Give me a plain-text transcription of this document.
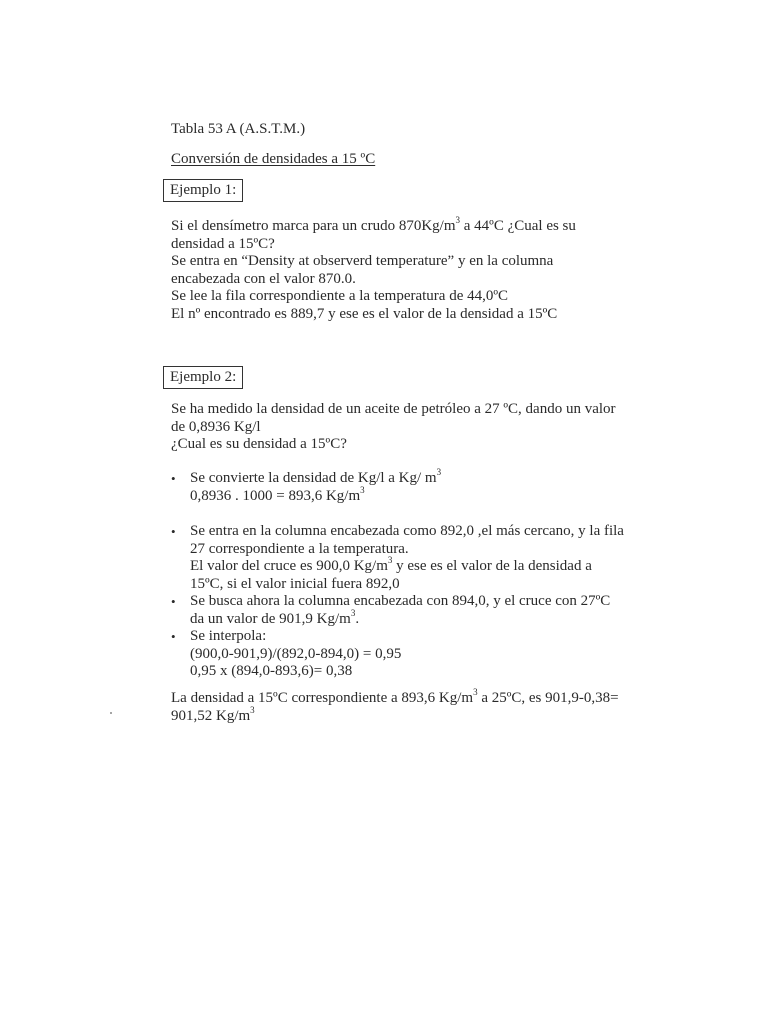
Tabla 53 A (A.S.T.M.)
Conversión de densidades a 15 ºC
Ejemplo 1:
Si el densímetro marca para un crudo $870Kg/m^3$ a 44ºC ¿Cual es su
densidad a 15ºC?
Se entra en “Density at observerd temperature” y en la columna
encabezada con el valor 870.0.
Se lee la fila correspondiente a la temperatura de 44,0ºC
El nº encontrado es 889,7 y ese es el valor de la densidad a 15ºC
Ejemplo 2:
Se ha medido la densidad de un aceite de petróleo a 27 ºC, dando un valor
de 0,8936 Kg/l
¿Cual es su densidad a 15ºC?
• Se convierte la densidad de Kg/l a Kg/ $m^3$
0,8936 . 1000 = 893,6 $Kg/m^3$
• Se entra en la columna encabezada como 892,0 ,el más cercano, y la fila
27 correspondiente a la temperatura.
El valor del cruce es 900,0 $Kg/m^3$ y ese es el valor de la densidad a
15ºC, si el valor inicial fuera 892,0
• Se busca ahora la columna encabezada con 894,0, y el cruce con 27ºC
da un valor de 901,9 $Kg/m^3$.
• Se interpola:
(900,0-901,9)/(892,0-894,0) = 0,95
0,95 x (894,0-893,6)= 0,38
La densidad a 15ºC correspondiente a 893,6 $Kg/m^3$ a 25ºC, es 901,9-0,38=
901,52 $Kg/m^3$
